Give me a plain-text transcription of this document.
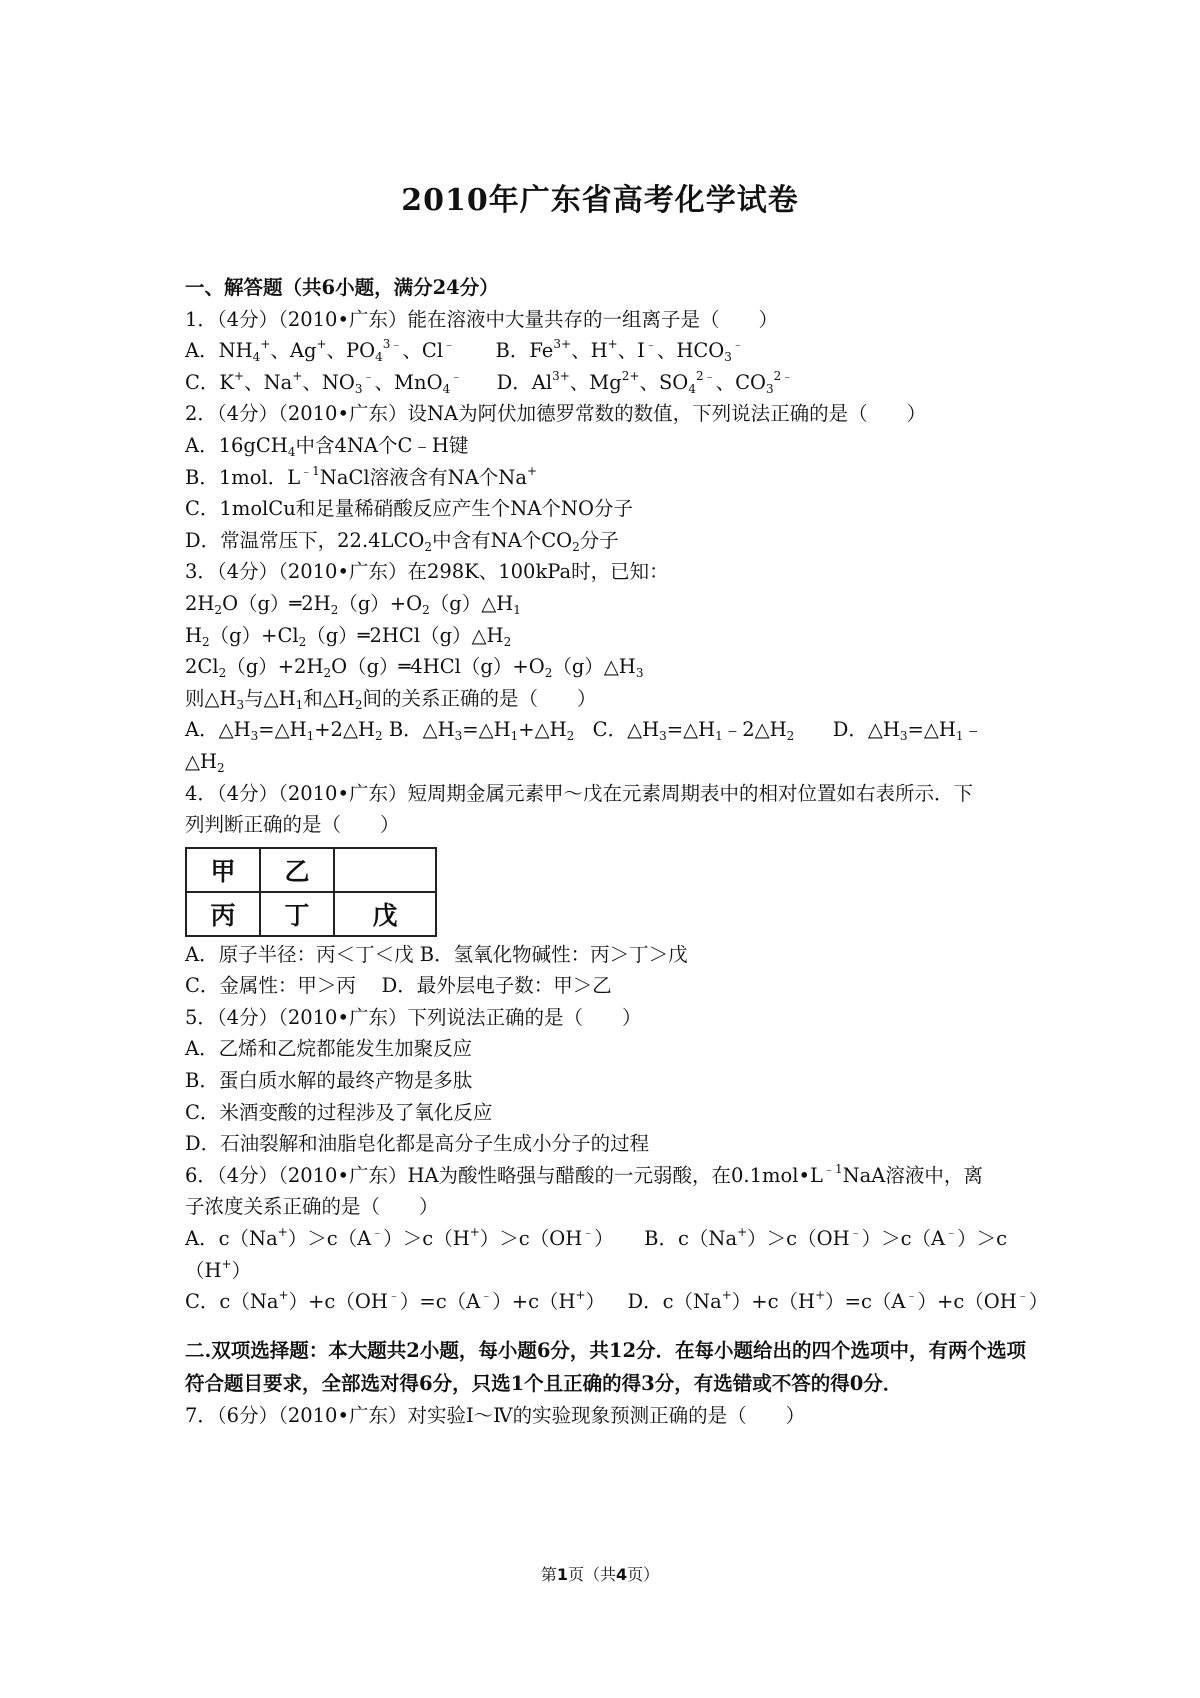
2010年广东省高考化学试卷
一、解答题（共6小题，满分24分）
1．（4分）（2010•广东）能在溶液中大量共存的一组离子是（　　）
A．$NH_4^+$、Ag+、$PO_4^{3﹣}$、Cl﹣ B．$Fe^{3+}$、H+、I﹣、$HCO_3^﹣$
C．K+、Na+、$NO_3^﹣$、MnO$_4$﹣ D．$Al^{3+}$、$Mg^{2+}$、$SO_4^{2﹣}$、$CO_3^{2﹣}$
2．（4分）（2010•广东）设NA为阿伏加德罗常数的数值，下列说法正确的是（　　）
A．16gCH$_4$中含4NA个C﹣H键
B．1mol．$L^{﹣1}NaCl$溶液含有NA个Na+
C．1molCu和足量稀硝酸反应产生个NA个NO分子
D．常温常压下，$22.4LCO_2$中含有NA个$CO_2$分子
3．（4分）（2010•广东）在298K、100kPa时，已知：
$2H_2O(g)═2H_2(g)+O_2(g)\triangle H_1$
$H_2(g)+Cl_2(g)═2HCl(g)\triangle H_2$
$2Cl_2(g)+2H_2O(g)═4HCl(g)+O_2(g)\triangle H_3$
则$\triangle H_3$与$\triangle H_1$和$\triangle H_2$间的关系正确的是（　　）
A．$\triangle H_3=\triangle H_1+2\triangle H_2$ B．$\triangle H_3=\triangle H_1+\triangle H_2$ C．$\triangle H_3=\triangle H_1﹣2\triangle H_2$ D．$\triangle H_3=\triangle H_1﹣$
$\triangle H_2$
4．（4分）（2010•广东）短周期金属元素甲～戊在元素周期表中的相对位置如右表所示．下
列判断正确的是（　　）
甲	乙	
丙	丁	戊
A．原子半径：丙＜丁＜戊 B．氢氧化物碱性：丙＞丁＞戊
C．金属性：甲＞丙　 D．最外层电子数：甲＞乙
5．（4分）（2010•广东）下列说法正确的是（　　）
A．乙烯和乙烷都能发生加聚反应
B．蛋白质水解的最终产物是多肽
C．米酒变酸的过程涉及了氧化反应
D．石油裂解和油脂皂化都是高分子生成小分子的过程
6．（4分）（2010•广东）HA为酸性略强与醋酸的一元弱酸，在$0.1mol•L^{﹣1}NaA$溶液中，离
子浓度关系正确的是（　　）
A．c（Na+）＞c（A﹣）＞c（H+）＞c（OH﹣） B．c（Na+）＞c（OH﹣）＞c（A﹣）＞c
（H+）
C．c（Na+）+c（OH﹣）=c（A﹣）+c（H+） D．c（Na+）+c（H+）=c（A﹣）+c（OH﹣）
二.双项选择题：本大题共2小题，每小题6分，共12分．在每小题给出的四个选项中，有两个选项符合题目要求，全部选对得6分，只选1个且正确的得3分，有选错或不答的得0分．
7．（6分）（2010•广东）对实验Ⅰ～Ⅳ的实验现象预测正确的是（　　）
第1页（共4页）
